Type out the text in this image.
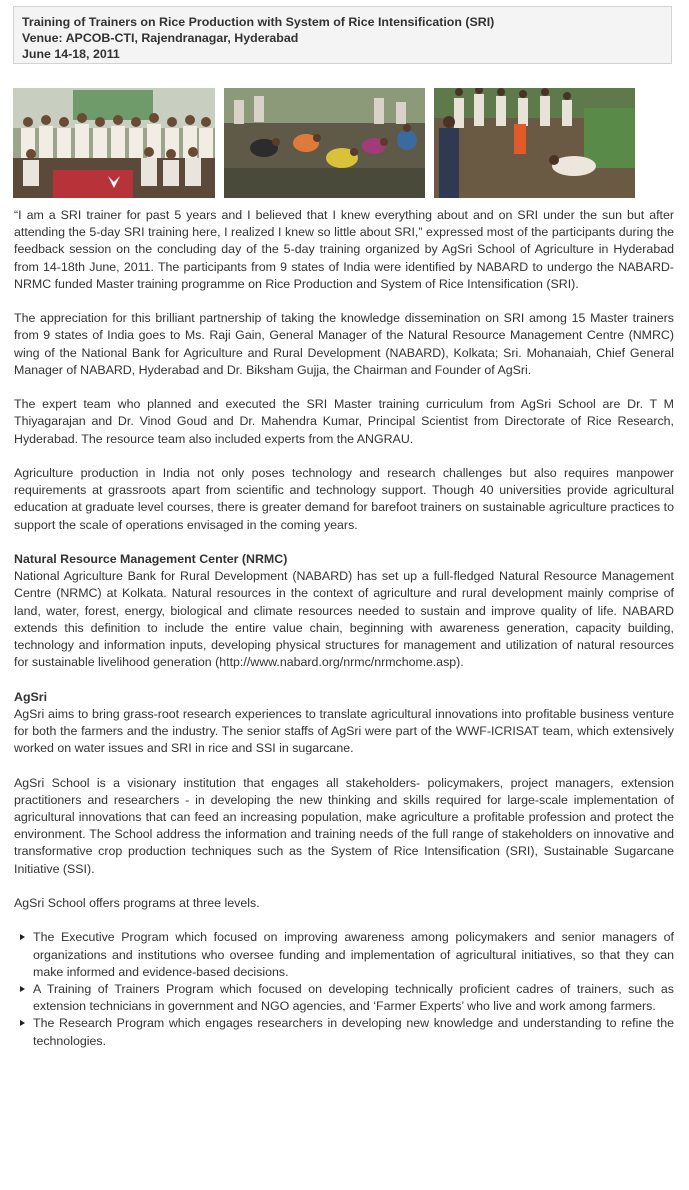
Training of Trainers on Rice Production with System of Rice Intensification (SRI)
Venue: APCOB-CTI, Rajendranagar, Hyderabad
June 14-18, 2011

“I am a SRI trainer for past 5 years and I believed that I knew everything about and on SRI under the sun but after attending the 5-day SRI training here, I realized I knew so little about SRI,” expressed most of the participants during the feedback session on the concluding day of the 5-day training organized by AgSri School of Agriculture in Hyderabad from 14-18th June, 2011. The participants from 9 states of India were identified by NABARD to undergo the NABARD-NRMC funded Master training programme on Rice Production and System of Rice Intensification (SRI).

The appreciation for this brilliant partnership of taking the knowledge dissemination on SRI among 15 Master trainers from 9 states of India goes to Ms. Raji Gain, General Manager of the Natural Resource Management Centre (NMRC) wing of the National Bank for Agriculture and Rural Development (NABARD), Kolkata; Sri. Mohanaiah, Chief General Manager of NABARD, Hyderabad and Dr. Biksham Gujja, the Chairman and Founder of AgSri.

The expert team who planned and executed the SRI Master training curriculum from AgSri School are Dr. T M Thiyagarajan and Dr. Vinod Goud and Dr. Mahendra Kumar, Principal Scientist from Directorate of Rice Research, Hyderabad. The resource team also included experts from the ANGRAU.

Agriculture production in India not only poses technology and research challenges but also requires manpower requirements at grassroots apart from scientific and technology support. Though 40 universities provide agricultural education at graduate level courses, there is greater demand for barefoot trainers on sustainable agriculture practices to support the scale of operations envisaged in the coming years.

Natural Resource Management Center (NRMC)

National Agriculture Bank for Rural Development (NABARD) has set up a full-fledged Natural Resource Management Centre (NRMC) at Kolkata. Natural resources in the context of agriculture and rural development mainly comprise of land, water, forest, energy, biological and climate resources needed to sustain and improve quality of life. NABARD extends this definition to include the entire value chain, beginning with awareness generation, capacity building, technology and information inputs, developing physical structures for management and utilization of natural resources for sustainable livelihood generation (http://www.nabard.org/nrmc/nrmchome.asp).

AgSri

AgSri aims to bring grass-root research experiences to translate agricultural innovations into profitable business venture for both the farmers and the industry. The senior staffs of AgSri were part of the WWF-ICRISAT team, which extensively worked on water issues and SRI in rice and SSI in sugarcane.

AgSri School is a visionary institution that engages all stakeholders- policymakers, project managers, extension practitioners and researchers - in developing the new thinking and skills required for large-scale implementation of agricultural innovations that can feed an increasing population, make agriculture a profitable profession and protect the environment. The School address the information and training needs of the full range of stakeholders on innovative and transformative crop production techniques such as the System of Rice Intensification (SRI), Sustainable Sugarcane Initiative (SSI).

AgSri School offers programs at three levels.

The Executive Program which focused on improving awareness among policymakers and senior managers of organizations and institutions who oversee funding and implementation of agricultural initiatives, so that they can make informed and evidence-based decisions.
A Training of Trainers Program which focused on developing technically proficient cadres of trainers, such as extension technicians in government and NGO agencies, and ‘Farmer Experts’ who live and work among farmers.
The Research Program which engages researchers in developing new knowledge and understanding to refine the technologies.
